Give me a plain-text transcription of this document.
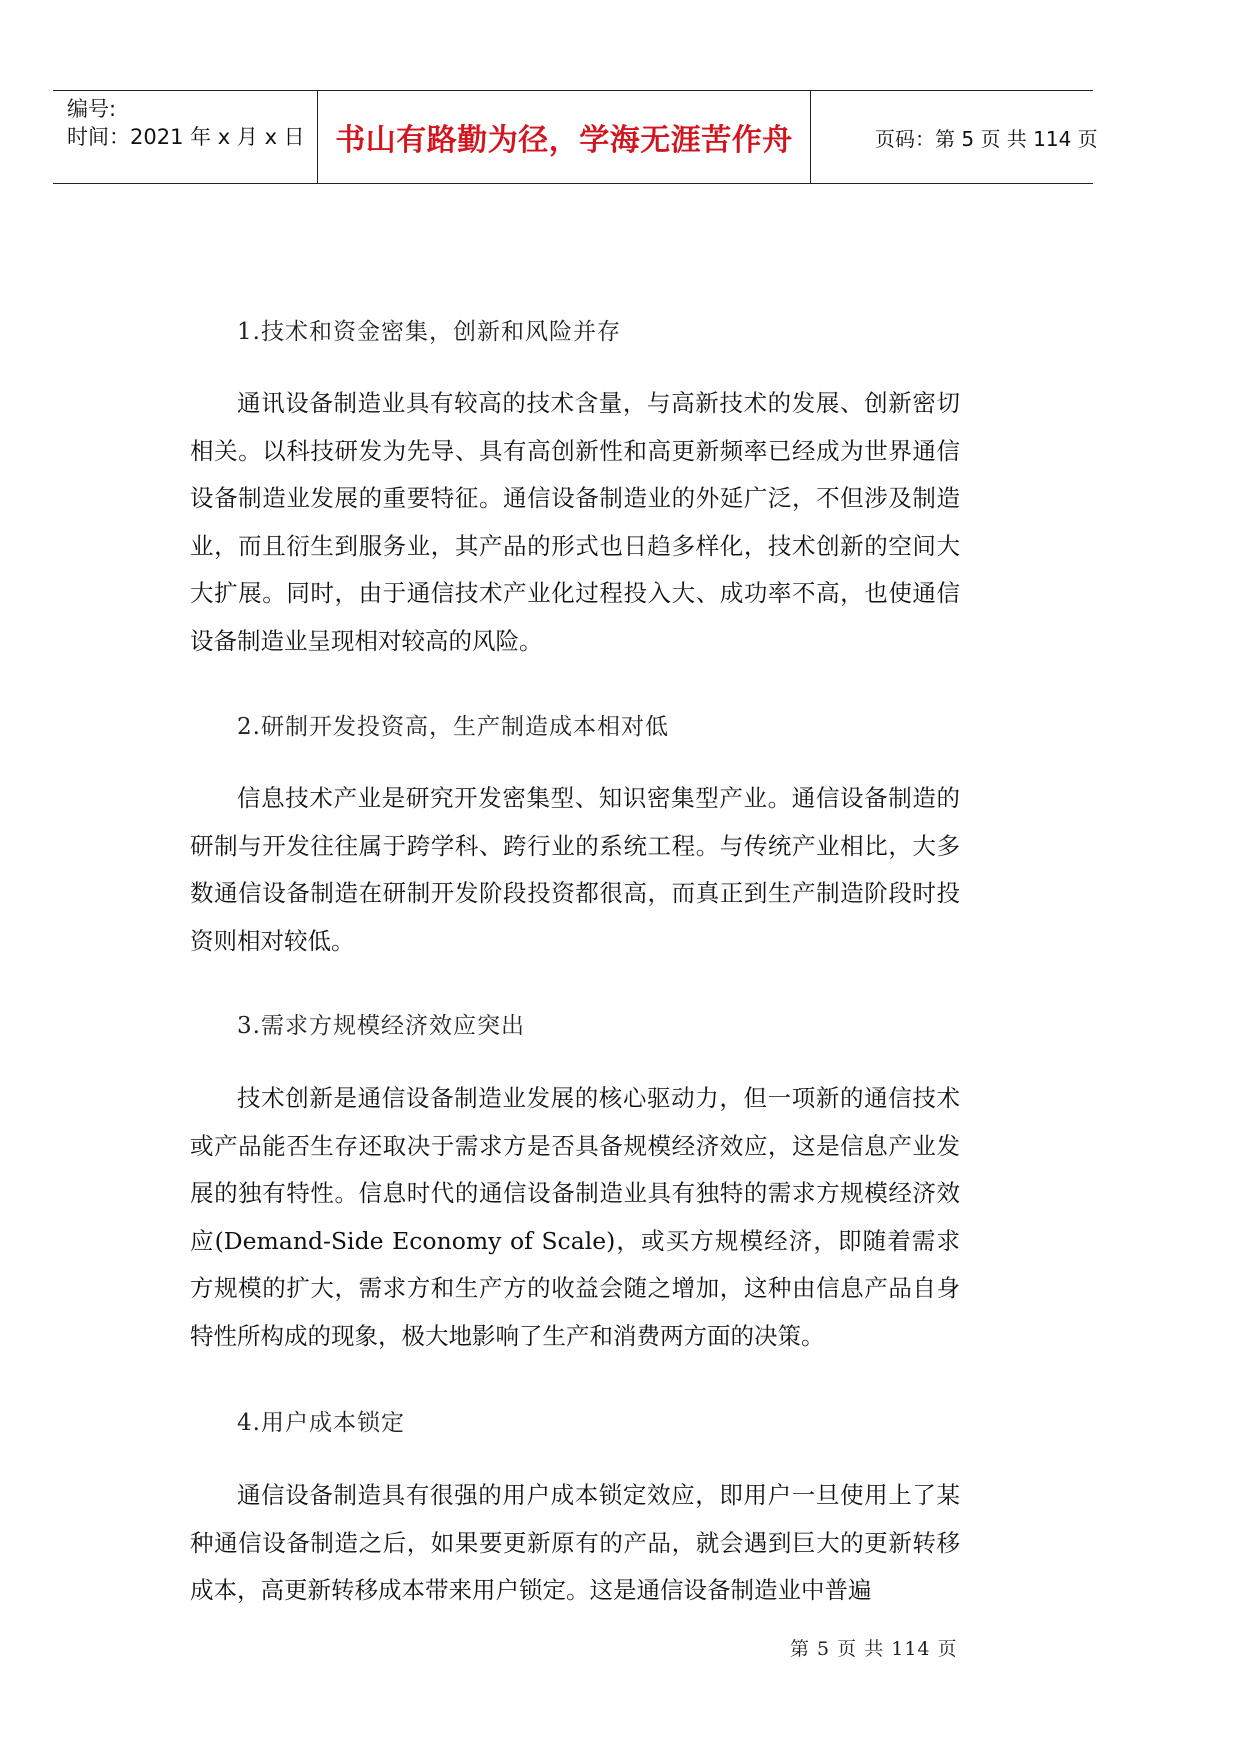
编号:
时间：2021 年 x 月 x 日 书山有路勤为径，学海无涯苦作舟	页码：第 5 页 共 114 页
1.技术和资金密集，创新和风险并存

通讯设备制造业具有较高的技术含量，与高新技术的发展、创新密切相关。以科技研发为先导、具有高创新性和高更新频率已经成为世界通信设备制造业发展的重要特征。通信设备制造业的外延广泛，不但涉及制造业，而且衍生到服务业，其产品的形式也日趋多样化，技术创新的空间大大扩展。同时，由于通信技术产业化过程投入大、成功率不高，也使通信设备制造业呈现相对较高的风险。

2.研制开发投资高，生产制造成本相对低

信息技术产业是研究开发密集型、知识密集型产业。通信设备制造的研制与开发往往属于跨学科、跨行业的系统工程。与传统产业相比，大多数通信设备制造在研制开发阶段投资都很高，而真正到生产制造阶段时投资则相对较低。

3.需求方规模经济效应突出

技术创新是通信设备制造业发展的核心驱动力，但一项新的通信技术或产品能否生存还取决于需求方是否具备规模经济效应，这是信息产业发展的独有特性。信息时代的通信设备制造业具有独特的需求方规模经济效应(Demand-Side Economy of Scale)，或买方规模经济，即随着需求方规模的扩大，需求方和生产方的收益会随之增加，这种由信息产品自身特性所构成的现象，极大地影响了生产和消费两方面的决策。

4.用户成本锁定

通信设备制造具有很强的用户成本锁定效应，即用户一旦使用上了某种通信设备制造之后，如果要更新原有的产品，就会遇到巨大的更新转移成本，高更新转移成本带来用户锁定。这是通信设备制造业中普遍

第 5 页 共 114 页
